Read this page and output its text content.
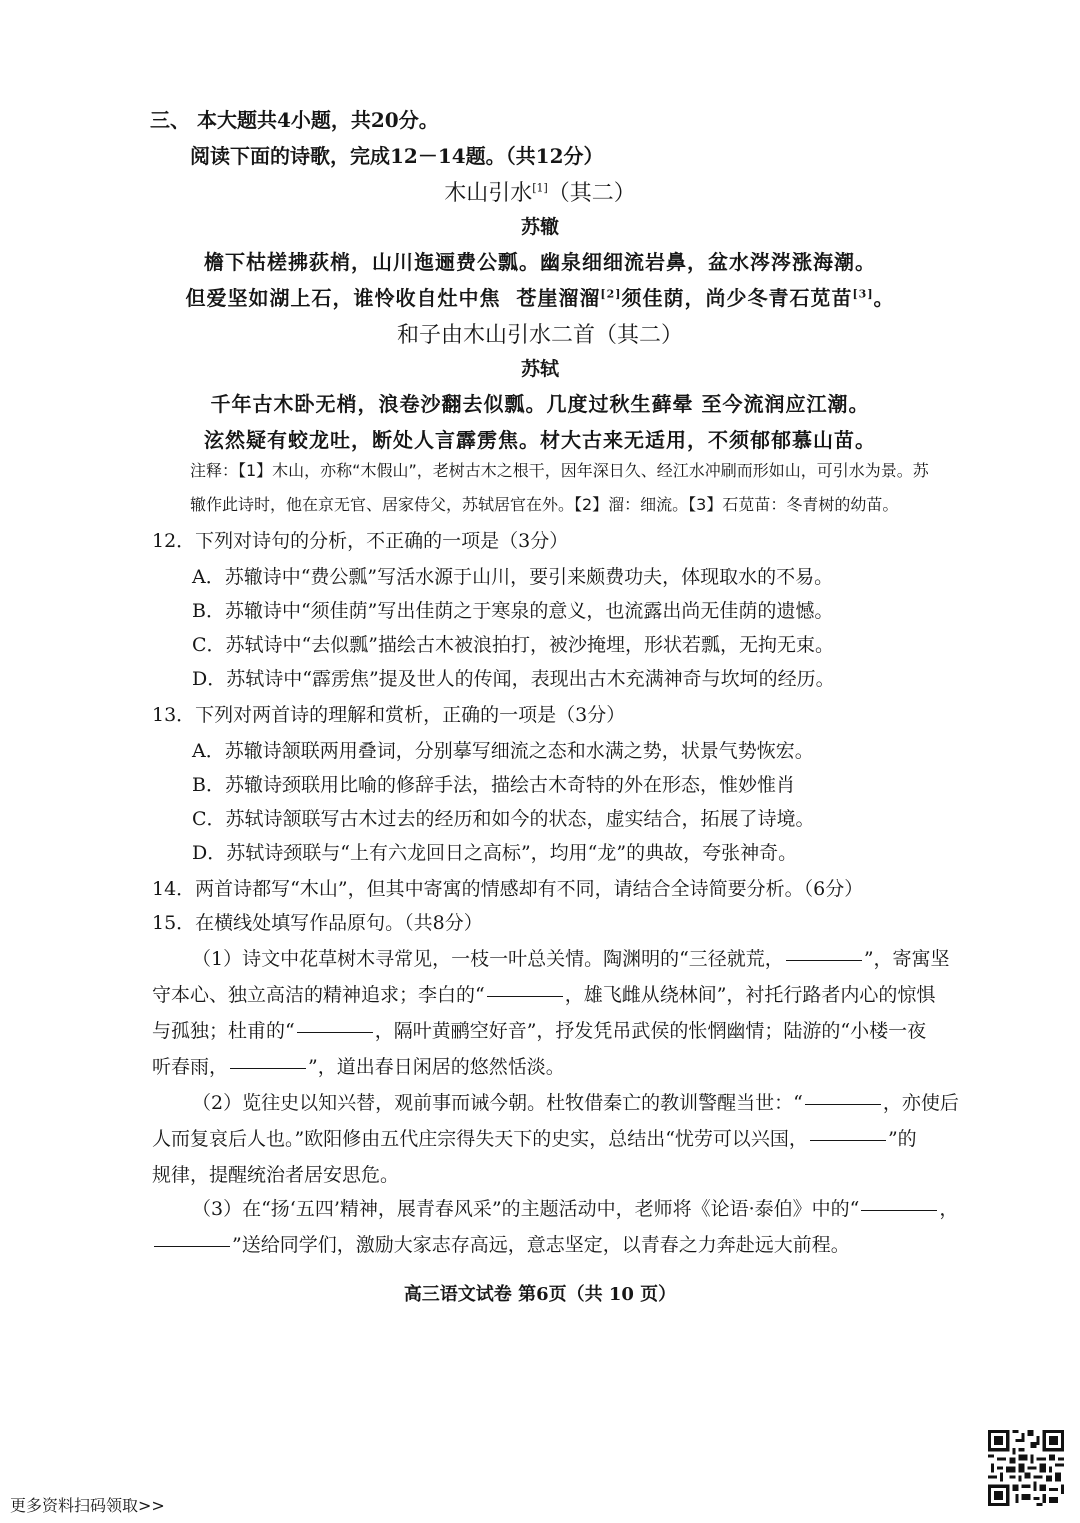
三、 本大题共4小题，共20分。
阅读下面的诗歌，完成12－14题。（共12分）
木山引水[1]（其二）
苏辙
檐下枯槎拂荻梢，山川迤逦费公瓢。幽泉细细流岩鼻，盆水涔涔涨海潮。
但爱坚如湖上石，谁怜收自灶中焦 苍崖溜溜[2]须佳荫，尚少冬青石苋苗[3]。
和子由木山引水二首（其二）
苏轼
千年古木卧无梢，浪卷沙翻去似瓢。几度过秋生藓晕 至今流润应江潮。
泫然疑有蛟龙吐，断处人言霹雳焦。材大古来无适用，不须郁郁慕山苗。
注释：【1】木山，亦称“木假山”，老树古木之根干，因年深日久、经江水冲刷而形如山，可引水为景。苏
辙作此诗时，他在京无官、居家侍父，苏轼居官在外。【2】溜：细流。【3】石苋苗：冬青树的幼苗。
12．下列对诗句的分析，不正确的一项是（3分）
A．苏辙诗中“费公瓢”写活水源于山川，要引来颇费功夫，体现取水的不易。
B．苏辙诗中“须佳荫”写出佳荫之于寒泉的意义，也流露出尚无佳荫的遗憾。
C．苏轼诗中“去似瓢”描绘古木被浪拍打，被沙掩埋，形状若瓢，无拘无束。
D．苏轼诗中“霹雳焦”提及世人的传闻，表现出古木充满神奇与坎坷的经历。
13．下列对两首诗的理解和赏析，正确的一项是（3分）
A．苏辙诗颔联两用叠词，分别摹写细流之态和水满之势，状景气势恢宏。
B．苏辙诗颈联用比喻的修辞手法，描绘古木奇特的外在形态，惟妙惟肖
C．苏轼诗颔联写古木过去的经历和如今的状态，虚实结合，拓展了诗境。
D．苏轼诗颈联与“上有六龙回日之高标”，均用“龙”的典故，夸张神奇。
14．两首诗都写“木山”，但其中寄寓的情感却有不同，请结合全诗简要分析。（6分）
15．在横线处填写作品原句。（共8分）
（1）诗文中花草树木寻常见，一枝一叶总关情。陶渊明的“三径就荒，	”，寄寓坚
守本心、独立高洁的精神追求；李白的“	，雄飞雌从绕林间”，衬托行路者内心的惊惧
与孤独；杜甫的“	，隔叶黄鹂空好音”，抒发凭吊武侯的怅惘幽情；陆游的“小楼一夜
听春雨，	”，道出春日闲居的悠然恬淡。
（2）览往史以知兴替，观前事而诫今朝。杜牧借秦亡的教训警醒当世：“	，亦使后
人而复哀后人也。”欧阳修由五代庄宗得失天下的史实，总结出“忧劳可以兴国，	”的
规律，提醒统治者居安思危。
（3）在“扬‘五四’精神，展青春风采”的主题活动中，老师将《论语·泰伯》中的“	，
”送给同学们，激励大家志存高远，意志坚定，以青春之力奔赴远大前程。
高三语文试卷 第6页（共 10 页）
更多资料扫码领取>>
